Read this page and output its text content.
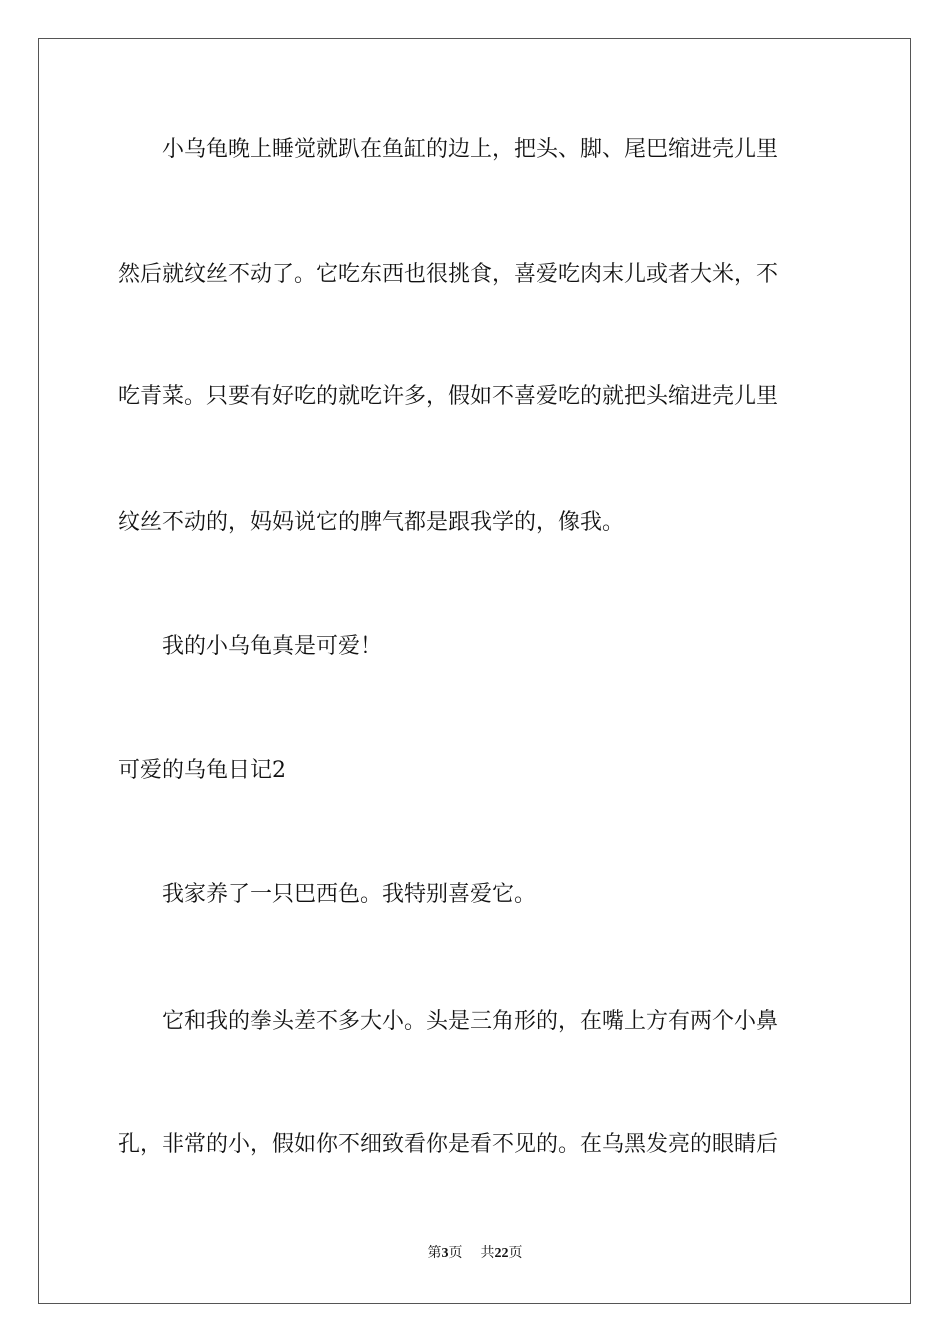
　　小乌龟晚上睡觉就趴在鱼缸的边上，把头、脚、尾巴缩进壳儿里
然后就纹丝不动了。它吃东西也很挑食，喜爱吃肉末儿或者大米，不
吃青菜。只要有好吃的就吃许多，假如不喜爱吃的就把头缩进壳儿里
纹丝不动的，妈妈说它的脾气都是跟我学的，像我。
　　我的小乌龟真是可爱！
可爱的乌龟日记2
　　我家养了一只巴西色。我特别喜爱它。
　　它和我的拳头差不多大小。头是三角形的，在嘴上方有两个小鼻
孔，非常的小，假如你不细致看你是看不见的。在乌黑发亮的眼睛后
第3页 共22页
